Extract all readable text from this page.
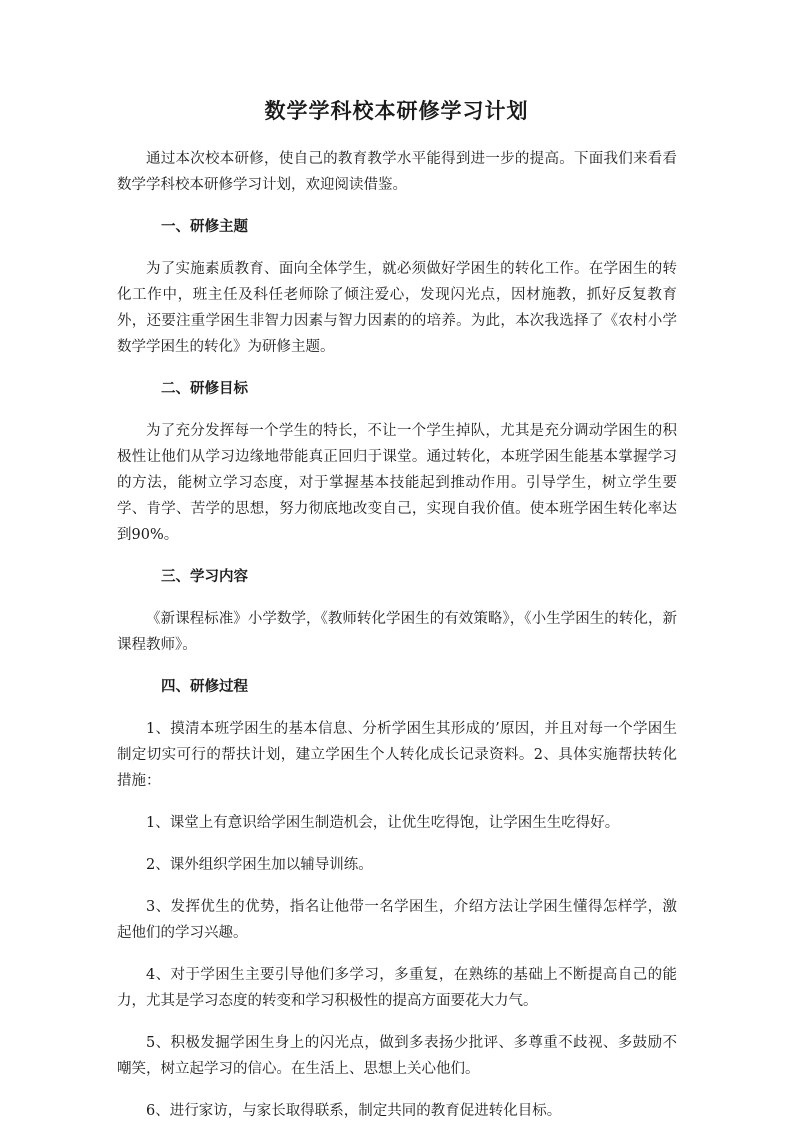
数学学科校本研修学习计划

通过本次校本研修，使自己的教育教学水平能得到进一步的提高。下面我们来看看数学学科校本研修学习计划，欢迎阅读借鉴。

一、研修主题

为了实施素质教育、面向全体学生，就必须做好学困生的转化工作。在学困生的转化工作中，班主任及科任老师除了倾注爱心，发现闪光点，因材施教，抓好反复教育外，还要注重学困生非智力因素与智力因素的的培养。为此，本次我选择了《农村小学数学学困生的转化》为研修主题。

二、研修目标

为了充分发挥每一个学生的特长，不让一个学生掉队，尤其是充分调动学困生的积极性让他们从学习边缘地带能真正回归于课堂。通过转化，本班学困生能基本掌握学习的方法，能树立学习态度，对于掌握基本技能起到推动作用。引导学生，树立学生要学、肯学、苦学的思想，努力彻底地改变自己，实现自我价值。使本班学困生转化率达到90%。

三、学习内容

《新课程标准》小学数学，《教师转化学困生的有效策略》，《小生学困生的转化，新课程教师》。

四、研修过程

1、摸清本班学困生的基本信息、分析学困生其形成的’原因，并且对每一个学困生制定切实可行的帮扶计划，建立学困生个人转化成长记录资料。2、具体实施帮扶转化措施：

1、课堂上有意识给学困生制造机会，让优生吃得饱，让学困生生吃得好。

2、课外组织学困生加以辅导训练。

3、发挥优生的优势，指名让他带一名学困生，介绍方法让学困生懂得怎样学，激起他们的学习兴趣。

4、对于学困生主要引导他们多学习，多重复，在熟练的基础上不断提高自己的能力，尤其是学习态度的转变和学习积极性的提高方面要花大力气。

5、积极发掘学困生身上的闪光点，做到多表扬少批评、多尊重不歧视、多鼓励不嘲笑，树立起学习的信心。在生活上、思想上关心他们。

6、进行家访，与家长取得联系，制定共同的教育促进转化目标。
